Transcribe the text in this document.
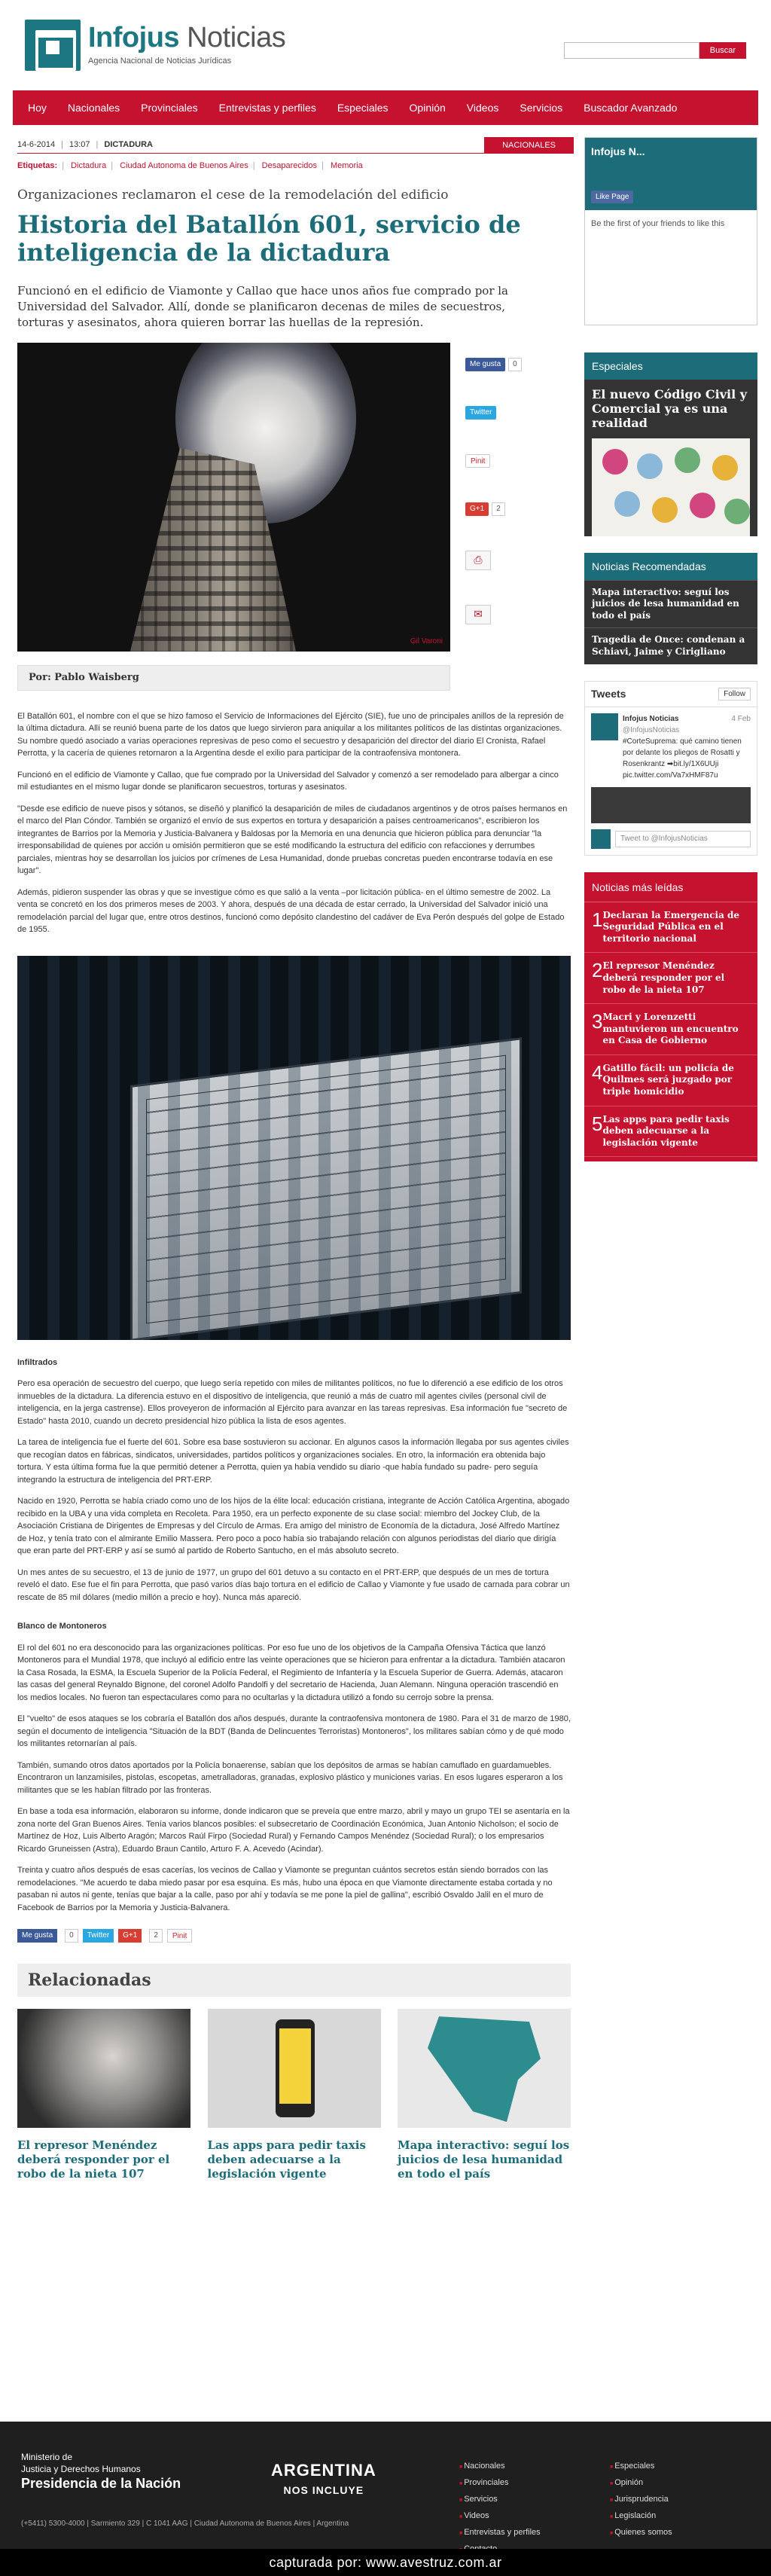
Infojus Noticias
Agencia Nacional de Noticias Jurídicas
Buscar
Hoy	Nacionales	Provinciales	Entrevistas y perfiles	Especiales	Opinión	Videos	Servicios	Buscador Avanzado
14-6-2014 | 13:07 | DICTADURA	NACIONALES
Etiquetas: | Dictadura | Ciudad Autonoma de Buenos Aires | Desaparecidos | Memoria
Organizaciones reclamaron el cese de la remodelación del edificio
Historia del Batallón 601, servicio de inteligencia de la dictadura

Funcionó en el edificio de Viamonte y Callao que hace unos años fue comprado por la Universidad del Salvador. Allí, donde se planificaron decenas de miles de secuestros, torturas y asesinatos, ahora quieren borrar las huellas de la represión.

Gil Varoni
Me gusta	0
Twitter
Pinit
G+1	2
⎙
✉
Por: Pablo Waisberg

El Batallón 601, el nombre con el que se hizo famoso el Servicio de Informaciones del Ejército (SIE), fue uno de principales anillos de la represión de la última dictadura. Allí se reunió buena parte de los datos que luego sirvieron para aniquilar a los militantes políticos de las distintas organizaciones. Su nombre quedó asociado a varias operaciones represivas de peso como el secuestro y desaparición del director del diario El Cronista, Rafael Perrotta, y la cacería de quienes retornaron a la Argentina desde el exilio para participar de la contraofensiva montonera.

Funcionó en el edificio de Viamonte y Callao, que fue comprado por la Universidad del Salvador y comenzó a ser remodelado para albergar a cinco mil estudiantes en el mismo lugar donde se planificaron secuestros, torturas y asesinatos.

"Desde ese edificio de nueve pisos y sótanos, se diseñó y planificó la desaparición de miles de ciudadanos argentinos y de otros países hermanos en el marco del Plan Cóndor. También se organizó el envío de sus expertos en tortura y desaparición a países centroamericanos", escribieron los integrantes de Barrios por la Memoria y Justicia-Balvanera y Baldosas por la Memoria en una denuncia que hicieron pública para denunciar "la irresponsabilidad de quienes por acción u omisión permitieron que se esté modificando la estructura del edificio con refacciones y derrumbes parciales, mientras hoy se desarrollan los juicios por crímenes de Lesa Humanidad, donde pruebas concretas pueden encontrarse todavía en ese lugar".

Además, pidieron suspender las obras y que se investigue cómo es que salió a la venta –por licitación pública- en el último semestre de 2002. La venta se concretó en los dos primeros meses de 2003. Y ahora, después de una década de estar cerrado, la Universidad del Salvador inició una remodelación parcial del lugar que, entre otros destinos, funcionó como depósito clandestino del cadáver de Eva Perón después del golpe de Estado de 1955.

Infiltrados

Pero esa operación de secuestro del cuerpo, que luego sería repetido con miles de militantes políticos, no fue lo diferenció a ese edificio de los otros inmuebles de la dictadura. La diferencia estuvo en el dispositivo de inteligencia, que reunió a más de cuatro mil agentes civiles (personal civil de inteligencia, en la jerga castrense). Ellos proveyeron de información al Ejército para avanzar en las tareas represivas. Esa información fue "secreto de Estado" hasta 2010, cuando un decreto presidencial hizo pública la lista de esos agentes.

La tarea de inteligencia fue el fuerte del 601. Sobre esa base sostuvieron su accionar. En algunos casos la información llegaba por sus agentes civiles que recogían datos en fábricas, sindicatos, universidades, partidos políticos y organizaciones sociales. En otro, la información era obtenida bajo tortura. Y esta última forma fue la que permitió detener a Perrotta, quien ya había vendido su diario -que había fundado su padre- pero seguía integrando la estructura de inteligencia del PRT-ERP.

Nacido en 1920, Perrotta se había criado como uno de los hijos de la élite local: educación cristiana, integrante de Acción Católica Argentina, abogado recibido en la UBA y una vida completa en Recoleta. Para 1950, era un perfecto exponente de su clase social: miembro del Jockey Club, de la Asociación Cristiana de Dirigentes de Empresas y del Círculo de Armas. Era amigo del ministro de Economía de la dictadura, José Alfredo Martínez de Hoz, y tenía trato con el almirante Emilio Massera. Pero poco a poco había sio trabajando relación con algunos periodistas del diario que dirigía que eran parte del PRT-ERP y así se sumó al partido de Roberto Santucho, en el más absoluto secreto.

Un mes antes de su secuestro, el 13 de junio de 1977, un grupo del 601 detuvo a su contacto en el PRT-ERP, que después de un mes de tortura reveló el dato. Ese fue el fin para Perrotta, que pasó varios días bajo tortura en el edificio de Callao y Viamonte y fue usado de carnada para cobrar un rescate de 85 mil dólares (medio millón a precio e hoy). Nunca más apareció.

Blanco de Montoneros

El rol del 601 no era desconocido para las organizaciones políticas. Por eso fue uno de los objetivos de la Campaña Ofensiva Táctica que lanzó Montoneros para el Mundial 1978, que incluyó al edificio entre las veinte operaciones que se hicieron para enfrentar a la dictadura. También atacaron la Casa Rosada, la ESMA, la Escuela Superior de la Policía Federal, el Regimiento de Infantería y la Escuela Superior de Guerra. Además, atacaron las casas del general Reynaldo Bignone, del coronel Adolfo Pandolfi y del secretario de Hacienda, Juan Alemann. Ninguna operación trascendió en los medios locales. No fueron tan espectaculares como para no ocultarlas y la dictadura utilizó a fondo su cerrojo sobre la prensa.

El "vuelto" de esos ataques se los cobraría el Batallón dos años después, durante la contraofensiva montonera de 1980. Para el 31 de marzo de 1980, según el documento de inteligencia "Situación de la BDT (Banda de Delincuentes Terroristas) Montoneros", los militares sabían cómo y de qué modo los militantes retornarían al país.

También, sumando otros datos aportados por la Policía bonaerense, sabían que los depósitos de armas se habían camuflado en guardamuebles. Encontraron un lanzamisiles, pistolas, escopetas, ametralladoras, granadas, explosivo plástico y municiones varias. En esos lugares esperaron a los militantes que se les habían filtrado por las fronteras.

En base a toda esa información, elaboraron su informe, donde indicaron que se preveía que entre marzo, abril y mayo un grupo TEI se asentaría en la zona norte del Gran Buenos Aires. Tenía varios blancos posibles: el subsecretario de Coordinación Económica, Juan Antonio Nicholson; el socio de Martínez de Hoz, Luis Alberto Aragón; Marcos Raúl Firpo (Sociedad Rural) y Fernando Campos Menéndez (Sociedad Rural); o los empresarios Ricardo Gruneissen (Astra), Eduardo Braun Cantilo, Arturo F. A. Acevedo (Acindar).

Treinta y cuatro años después de esas cacerías, los vecinos de Callao y Viamonte se preguntan cuántos secretos están siendo borrados con las remodelaciones. "Me acuerdo te daba miedo pasar por esa esquina. Es más, hubo una época en que Viamonte directamente estaba cortada y no pasaban ni autos ni gente, tenías que bajar a la calle, paso por ahí y todavía se me pone la piel de gallina", escribió Osvaldo Jalil en el muro de Facebook de Barrios por la Memoria y Justicia-Balvanera.

Me gusta	0	Twitter	G+1	2	Pinit
Relacionadas
El represor Menéndez deberá responder por el robo de la nieta 107
Las apps para pedir taxis deben adecuarse a la legislación vigente
Mapa interactivo: seguí los juicios de lesa humanidad en todo el país
Infojus N...
Like Page
Be the first of your friends to like this
Especiales
El nuevo Código Civil y Comercial ya es una realidad
Noticias Recomendadas
Mapa interactivo: seguí los juicios de lesa humanidad en todo el país
Tragedia de Once: condenan a Schiavi, Jaime y Cirigliano
Tweets	Follow
Infojus Noticias	4 Feb

@InfojusNoticias
#CorteSuprema: qué camino tienen por delante los pliegos de Rosatti y Rosenkrantz ➡bit.ly/1X6UUji pic.twitter.com/Va7xHMF87u
Tweet to @InfojusNoticias
Noticias más leídas
1 Declaran la Emergencia de Seguridad Pública en el territorio nacional
2 El represor Menéndez deberá responder por el robo de la nieta 107
3 Macri y Lorenzetti mantuvieron un encuentro en Casa de Gobierno
4 Gatillo fácil: un policía de Quilmes será juzgado por triple homicidio
5 Las apps para pedir taxis deben adecuarse a la legislación vigente
Ministerio de
Justicia y Derechos Humanos
Presidencia de la Nación
(+5411) 5300-4000 | Sarmiento 329 | C 1041 AAG | Ciudad Autonoma de Buenos Aires | Argentina
ARGENTINA
NOS INCLUYE
■ Nacionales
■ Provinciales
■ Servicios
■ Videos
■ Entrevistas y perfiles
■
■ Especiales
■ Opinión
■ Jurisprudencia
■ Legislación
■ Quienes somos
capturada por: www.avestruz.com.ar
